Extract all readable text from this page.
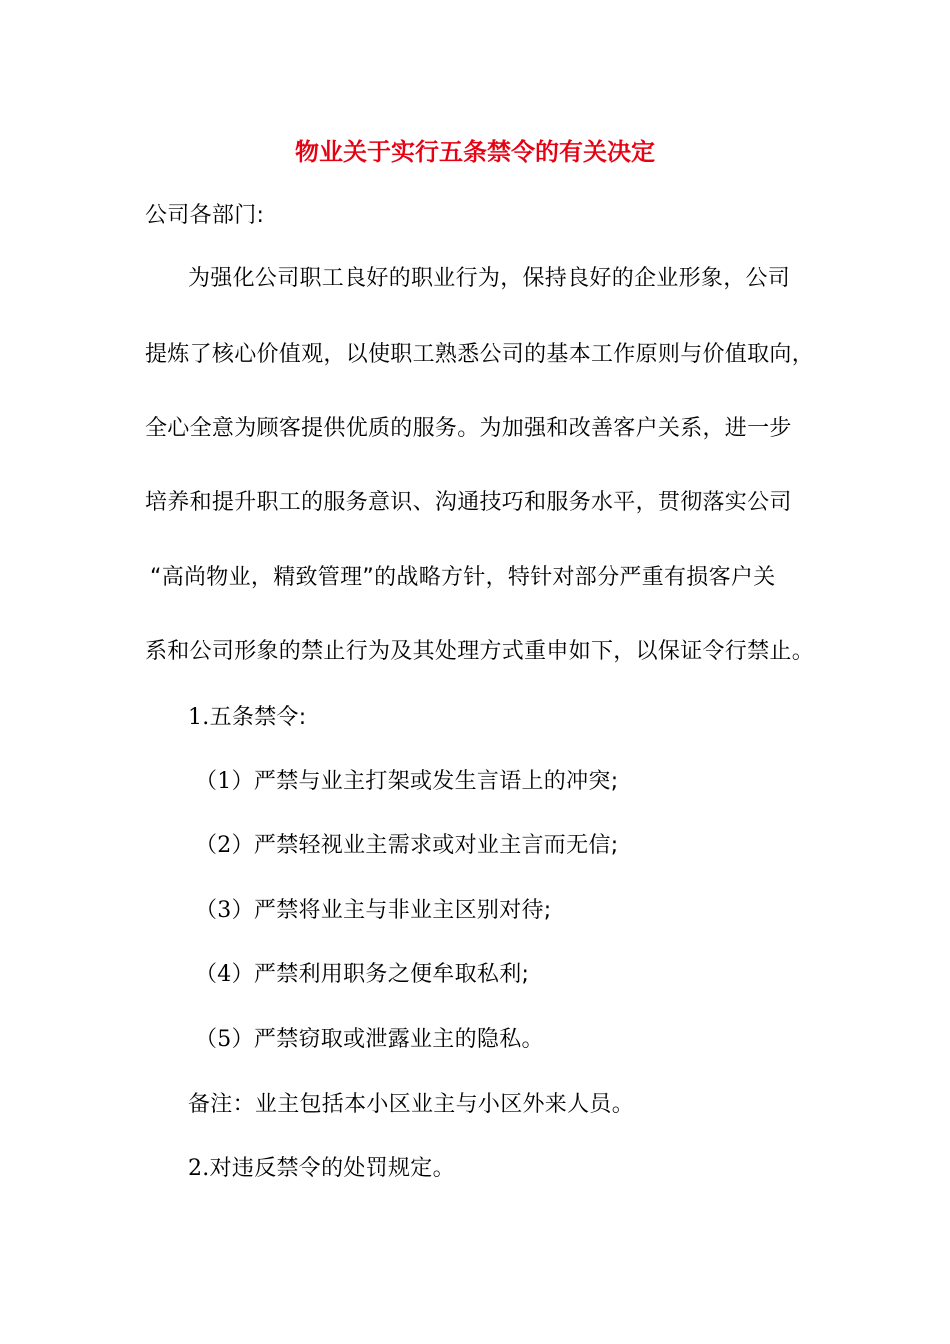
物业关于实行五条禁令的有关决定
公司各部门:
为强化公司职工良好的职业行为，保持良好的企业形象，公司
提炼了核心价值观，以使职工熟悉公司的基本工作原则与价值取向，
全心全意为顾客提供优质的服务。为加强和改善客户关系，进一步
培养和提升职工的服务意识、沟通技巧和服务水平，贯彻落实公司
“高尚物业，精致管理”的战略方针，特针对部分严重有损客户关
系和公司形象的禁止行为及其处理方式重申如下，以保证令行禁止。
1.五条禁令:
（1）严禁与业主打架或发生言语上的冲突;
（2）严禁轻视业主需求或对业主言而无信;
（3）严禁将业主与非业主区别对待;
（4）严禁利用职务之便牟取私利;
（5）严禁窃取或泄露业主的隐私。
备注：业主包括本小区业主与小区外来人员。
2.对违反禁令的处罚规定。
